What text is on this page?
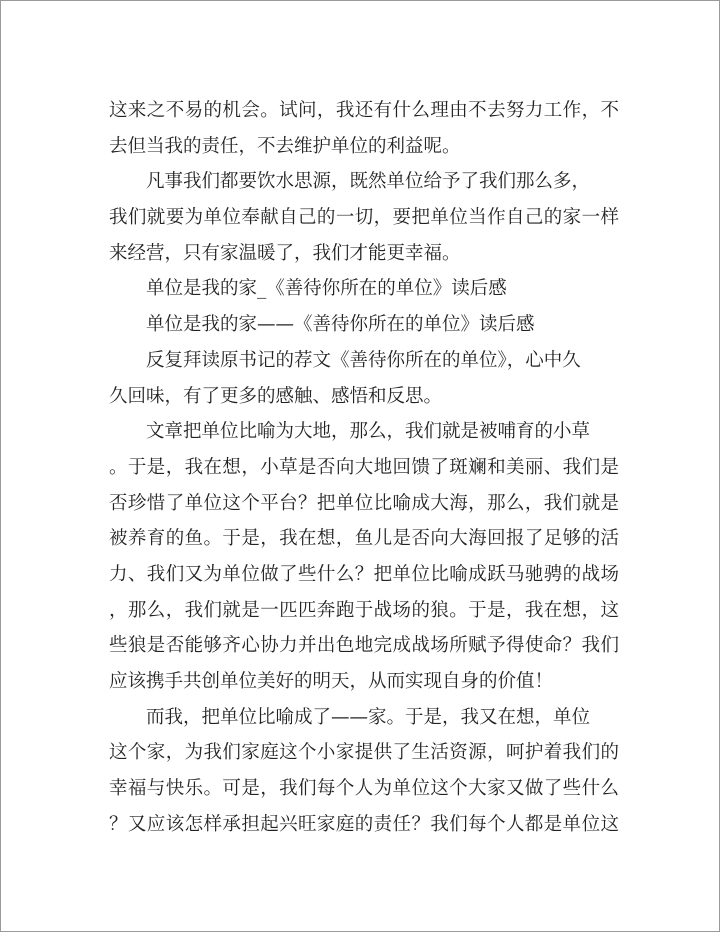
这来之不易的机会。试问，我还有什么理由不去努力工作，不
去但当我的责任，不去维护单位的利益呢。
凡事我们都要饮水思源，既然单位给予了我们那么多，
我们就要为单位奉献自己的一切，要把单位当作自己的家一样
来经营，只有家温暖了，我们才能更幸福。
单位是我的家_《善待你所在的单位》读后感
单位是我的家——《善待你所在的单位》读后感
反复拜读原书记的荐文《善待你所在的单位》，心中久
久回味，有了更多的感触、感悟和反思。
文章把单位比喻为大地，那么，我们就是被哺育的小草
。于是，我在想，小草是否向大地回馈了斑斓和美丽、我们是
否珍惜了单位这个平台？把单位比喻成大海，那么，我们就是
被养育的鱼。于是，我在想，鱼儿是否向大海回报了足够的活
力、我们又为单位做了些什么？把单位比喻成跃马驰骋的战场
，那么，我们就是一匹匹奔跑于战场的狼。于是，我在想，这
些狼是否能够齐心协力并出色地完成战场所赋予得使命？我们
应该携手共创单位美好的明天，从而实现自身的价值！
而我，把单位比喻成了——家。于是，我又在想，单位
这个家，为我们家庭这个小家提供了生活资源，呵护着我们的
幸福与快乐。可是，我们每个人为单位这个大家又做了些什么
？又应该怎样承担起兴旺家庭的责任？我们每个人都是单位这
